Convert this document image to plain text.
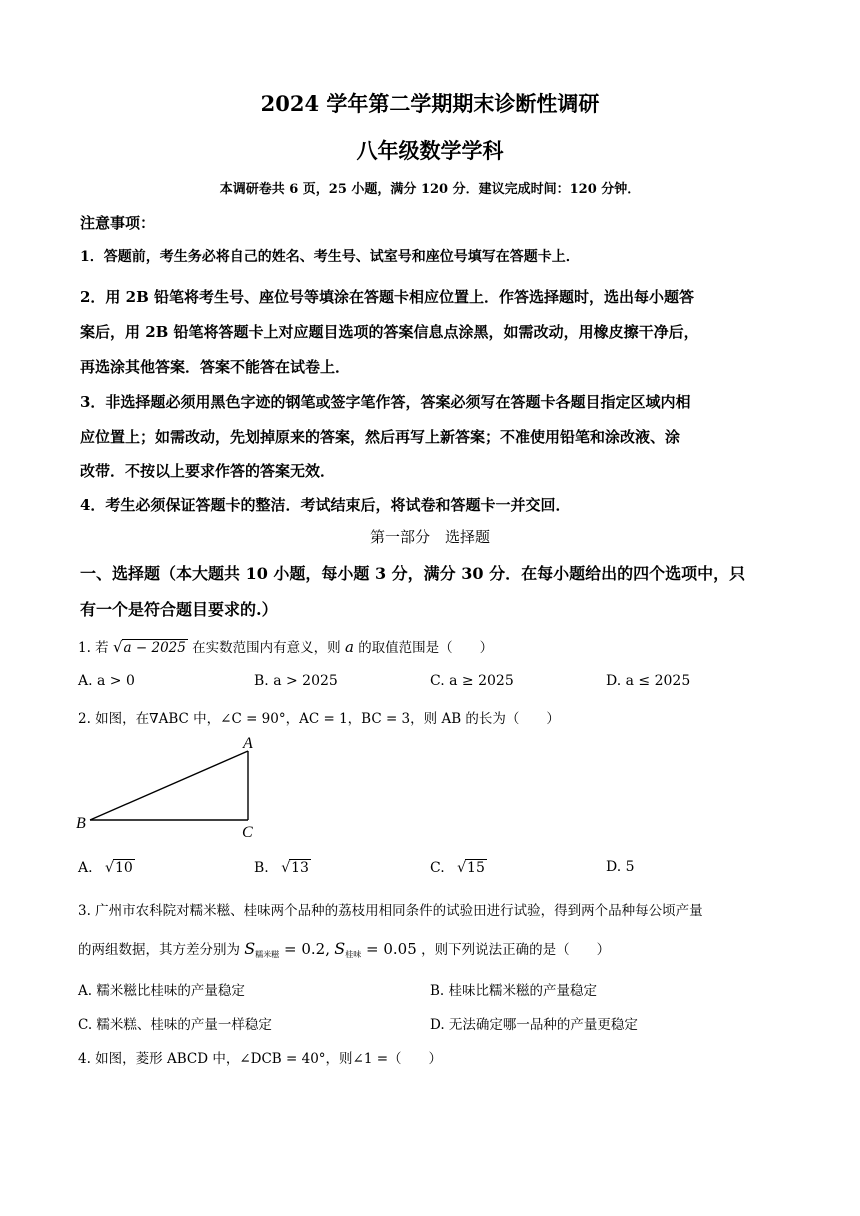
2024 学年第二学期期末诊断性调研
八年级数学学科
本调研卷共 6 页，25 小题，满分 120 分．建议完成时间：120 分钟．
注意事项：
1．答题前，考生务必将自己的姓名、考生号、试室号和座位号填写在答题卡上．
2．用 2B 铅笔将考生号、座位号等填涂在答题卡相应位置上．作答选择题时，选出每小题答
案后，用 2B 铅笔将答题卡上对应题目选项的答案信息点涂黑，如需改动，用橡皮擦干净后，
再选涂其他答案．答案不能答在试卷上．
3．非选择题必须用黑色字迹的钢笔或签字笔作答，答案必须写在答题卡各题目指定区域内相
应位置上；如需改动，先划掉原来的答案，然后再写上新答案；不准使用铅笔和涂改液、涂
改带．不按以上要求作答的答案无效．
4．考生必须保证答题卡的整洁．考试结束后，将试卷和答题卡一并交回．
第一部分　选择题
一、选择题（本大题共 10 小题，每小题 3 分，满分 30 分．在每小题给出的四个选项中，只
有一个是符合题目要求的.）
1. 若 √a − 2025 在实数范围内有意义，则 a 的取值范围是（　　）
A. a > 0	B. a > 2025	C. a ≥ 2025	D. a ≤ 2025
2. 如图，在∇ABC 中，∠C = 90°，AC = 1，BC = 3，则 AB 的长为（　　）
A
B
C
A. √10	B. √13	C. √15	D. 5
3. 广州市农科院对糯米糍、桂味两个品种的荔枝用相同条件的试验田进行试验，得到两个品种每公顷产量
的两组数据，其方差分别为 $S_{糯米糍} = 0.2$, $S_{桂味} = 0.05$ ，则下列说法正确的是（　　）
A. 糯米糍比桂味的产量稳定	B. 桂味比糯米糍的产量稳定
C. 糯米糕、桂味的产量一样稳定	D. 无法确定哪一品种的产量更稳定
4. 如图，菱形 ABCD 中，∠DCB = 40°，则∠1 =（　　）
